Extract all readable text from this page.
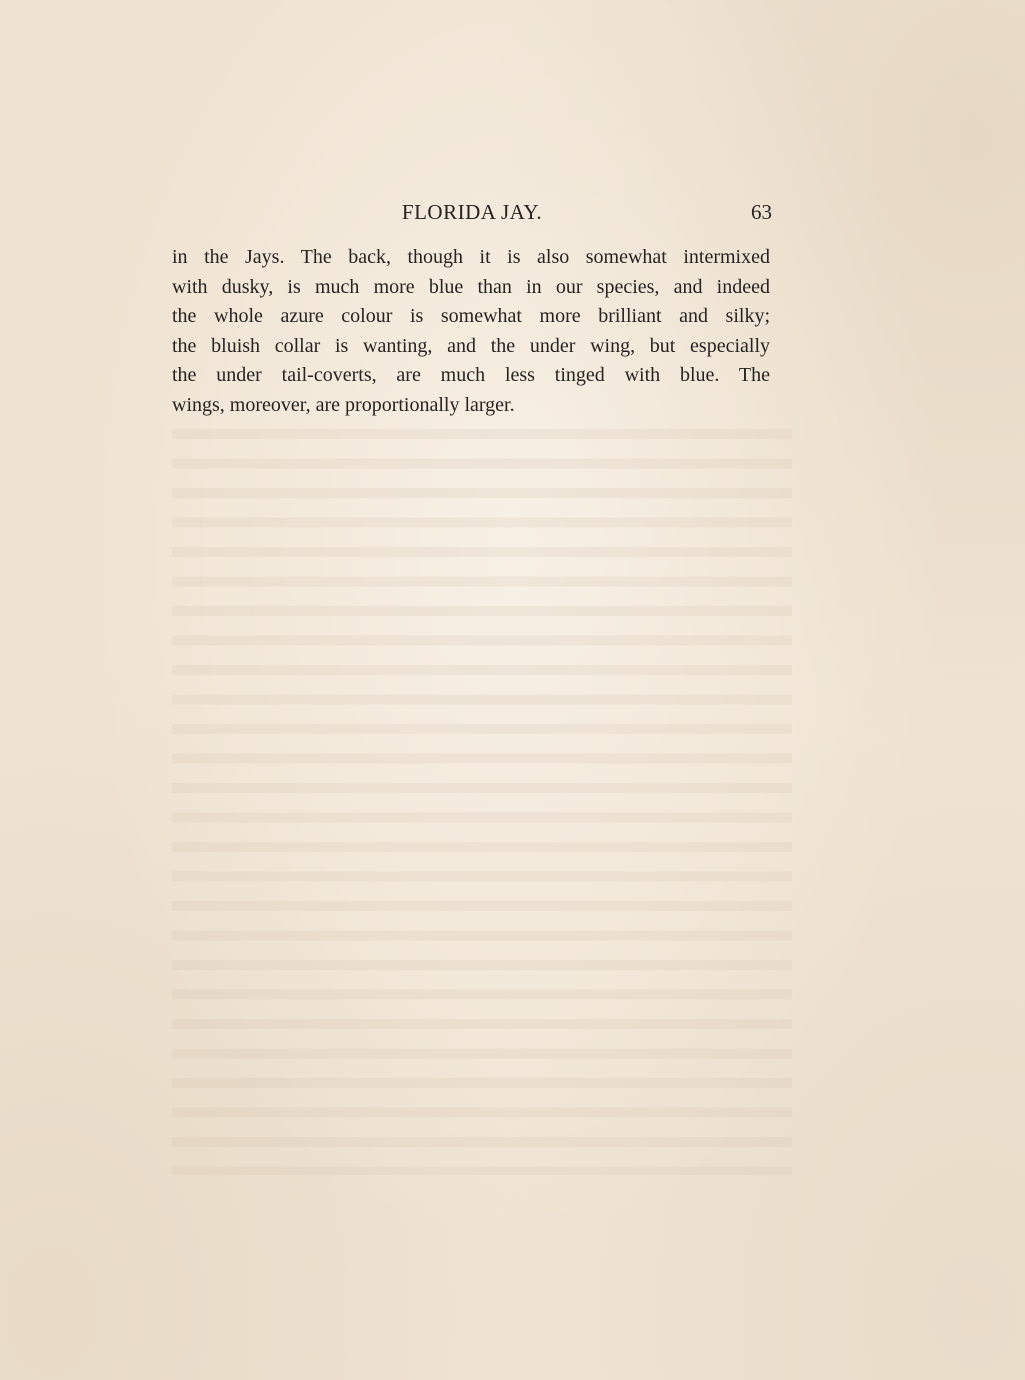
FLORIDA JAY.	63
in the Jays. The back, though it is also somewhat intermixed
with dusky, is much more blue than in our species, and indeed
the whole azure colour is somewhat more brilliant and silky;
the bluish collar is wanting, and the under wing, but especially
the under tail-coverts, are much less tinged with blue. The
wings, moreover, are proportionally larger.
